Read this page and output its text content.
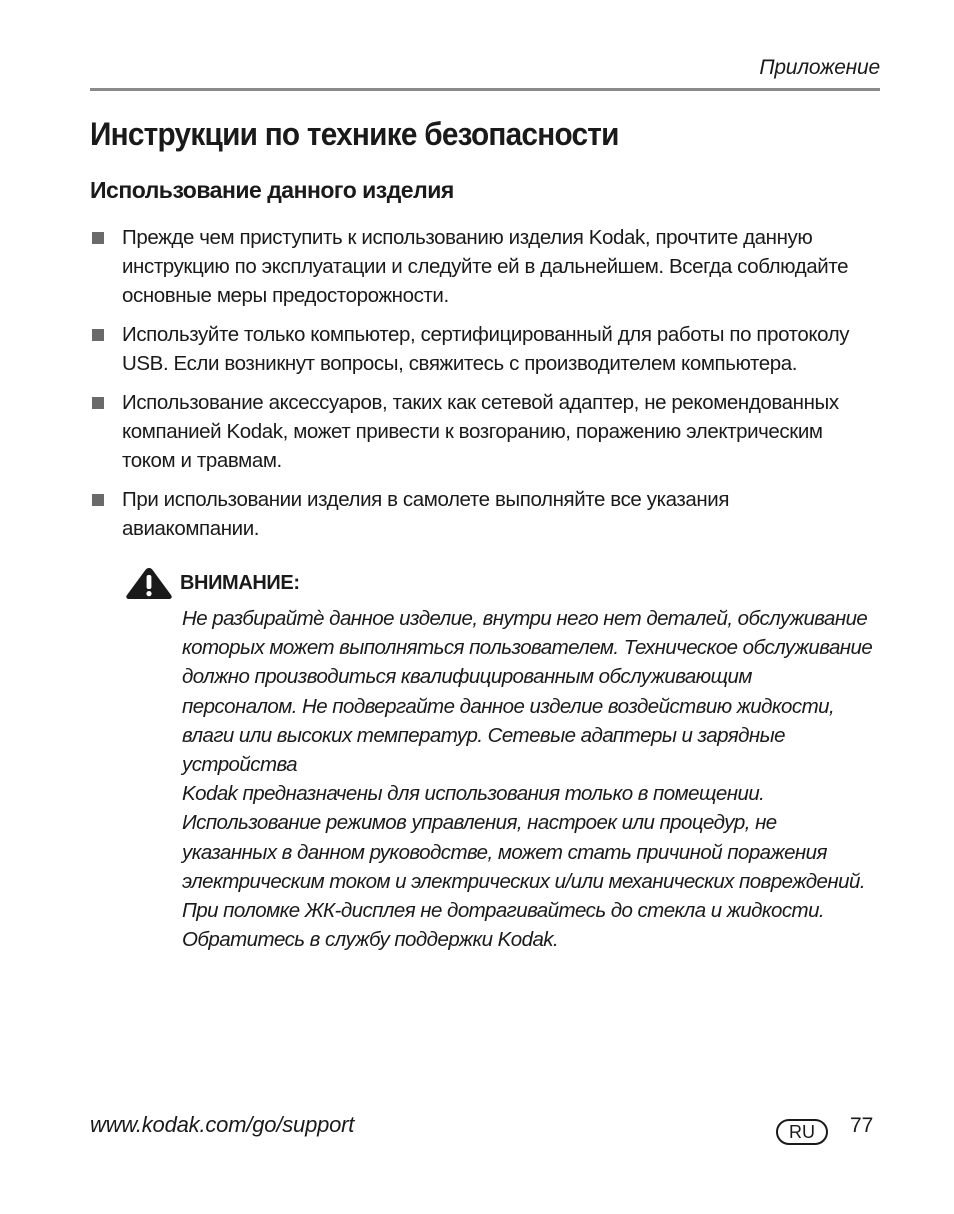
Приложение
Инструкции по технике безопасности
Использование данного изделия
Прежде чем приступить к использованию изделия Kodak, прочтите данную
инструкцию по эксплуатации и следуйте ей в дальнейшем. Всегда соблюдайте
основные меры предосторожности.
Используйте только компьютер, сертифицированный для работы по протоколу
USB. Если возникнут вопросы, свяжитесь с производителем компьютера.
Использование аксессуаров, таких как сетевой адаптер, не рекомендованных
компанией Kodak, может привести к возгоранию, поражению электрическим
током и травмам.
При использовании изделия в самолете выполняйте все указания
авиакомпании.
ВНИМАНИЕ:
Не разбирайтѐ данное изделие, внутри него нет деталей, обслуживание
которых может выполняться пользователем. Техническое обслуживание
должно производиться квалифицированным обслуживающим
персоналом. Не подвергайте данное изделие воздействию жидкости,
влаги или высоких температур. Сетевые адаптеры и зарядные устройства
Kodak предназначены для использования только в помещении.
Использование режимов управления, настроек или процедур, не
указанных в данном руководстве, может стать причиной поражения
электрическим током и электрических и/или механических повреждений.
При поломке ЖК-дисплея не дотрагивайтесь до стекла и жидкости.
Обратитесь в службу поддержки Kodak.
www.kodak.com/go/support	RU	77
